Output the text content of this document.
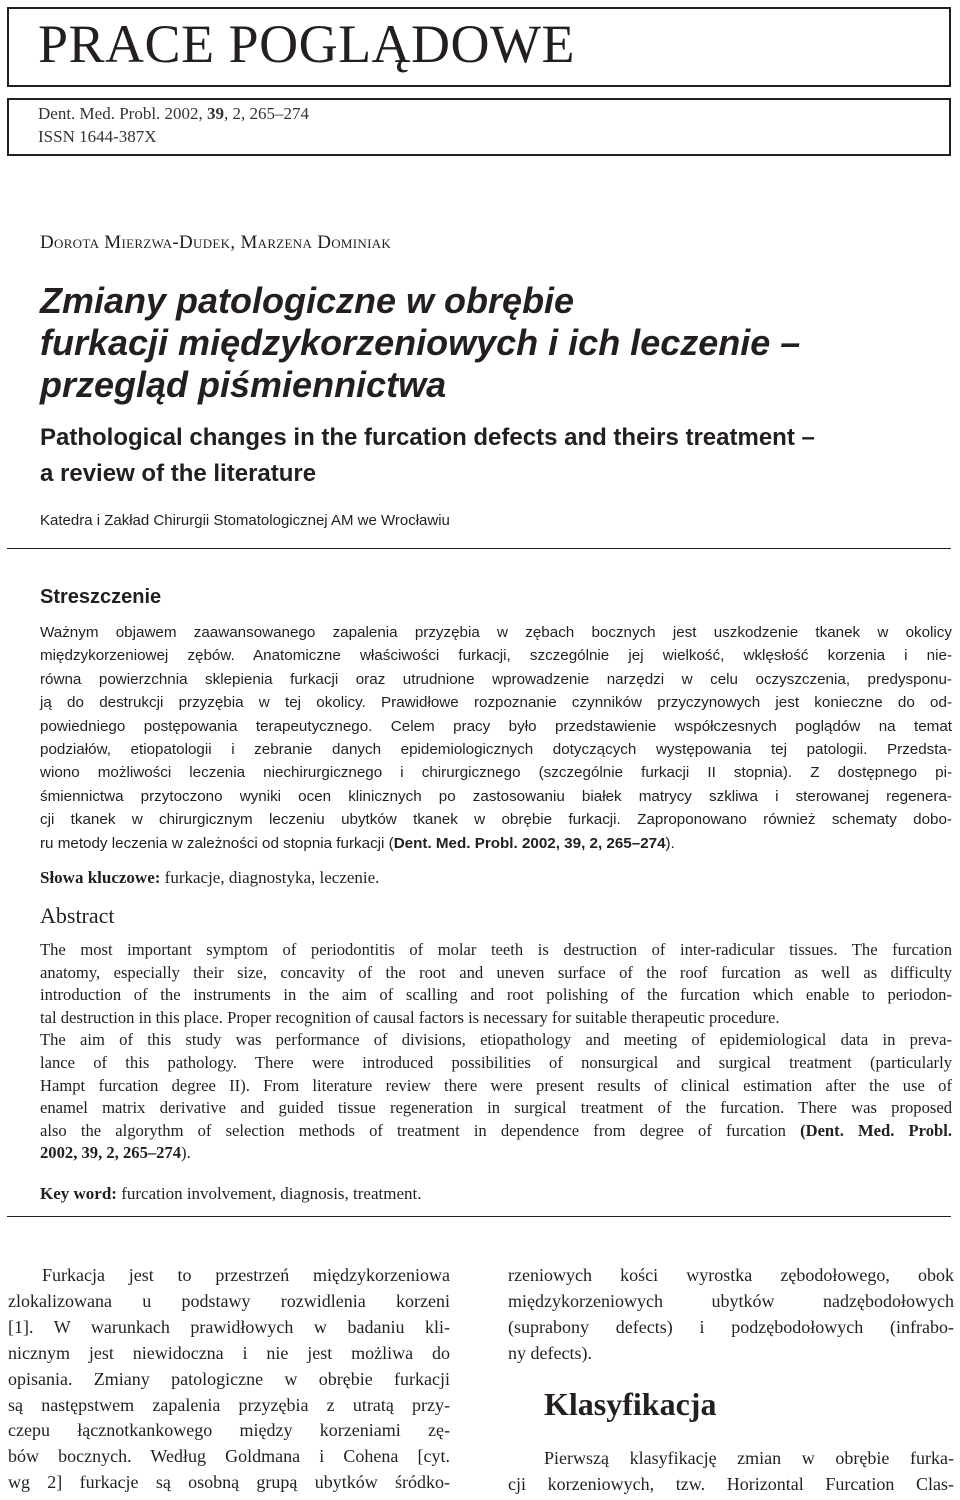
PRACE POGLĄDOWE
Dent. Med. Probl. 2002, 39, 2, 265–274
ISSN 1644-387X
Dorota Mierzwa-Dudek, Marzena Dominiak
Zmiany patologiczne w obrębie
furkacji międzykorzeniowych i ich leczenie –
przegląd piśmiennictwa
Pathological changes in the furcation defects and theirs treatment –
a review of the literature
Katedra i Zakład Chirurgii Stomatologicznej AM we Wrocławiu
Streszczenie
Ważnym objawem zaawansowanego zapalenia przyzębia w zębach bocznych jest uszkodzenie tkanek w okolicy
międzykorzeniowej zębów. Anatomiczne właściwości furkacji, szczególnie jej wielkość, wklęsłość korzenia i nie-
równa powierzchnia sklepienia furkacji oraz utrudnione wprowadzenie narzędzi w celu oczyszczenia, predysponu-
ją do destrukcji przyzębia w tej okolicy. Prawidłowe rozpoznanie czynników przyczynowych jest konieczne do od-
powiedniego postępowania terapeutycznego. Celem pracy było przedstawienie współczesnych poglądów na temat
podziałów, etiopatologii i zebranie danych epidemiologicznych dotyczących występowania tej patologii. Przedsta-
wiono możliwości leczenia niechirurgicznego i chirurgicznego (szczególnie furkacji II stopnia). Z dostępnego pi-
śmiennictwa przytoczono wyniki ocen klinicznych po zastosowaniu białek matrycy szkliwa i sterowanej regenera-
cji tkanek w chirurgicznym leczeniu ubytków tkanek w obrębie furkacji. Zaproponowano również schematy dobo-
ru metody leczenia w zależności od stopnia furkacji (Dent. Med. Probl. 2002, 39, 2, 265–274).
Słowa kluczowe: furkacje, diagnostyka, leczenie.
Abstract
The most important symptom of periodontitis of molar teeth is destruction of inter-radicular tissues. The furcation
anatomy, especially their size, concavity of the root and uneven surface of the roof furcation as well as difficulty
introduction of the instruments in the aim of scalling and root polishing of the furcation which enable to periodon-
tal destruction in this place. Proper recognition of causal factors is necessary for suitable therapeutic procedure.
The aim of this study was performance of divisions, etiopathology and meeting of epidemiological data in preva-
lance of this pathology. There were introduced possibilities of nonsurgical and surgical treatment (particularly
Hampt furcation degree II). From literature review there were present results of clinical estimation after the use of
enamel matrix derivative and guided tissue regeneration in surgical treatment of the furcation. There was proposed
also the algorythm of selection methods of treatment in dependence from degree of furcation (Dent. Med. Probl.
2002, 39, 2, 265–274).
Key word: furcation involvement, diagnosis, treatment.
Furkacja jest to przestrzeń międzykorzeniowa
zlokalizowana u podstawy rozwidlenia korzeni
[1]. W warunkach prawidłowych w badaniu kli-
nicznym jest niewidoczna i nie jest możliwa do
opisania. Zmiany patologiczne w obrębie furkacji
są następstwem zapalenia przyzębia z utratą przy-
czepu łącznotkankowego między korzeniami zę-
bów bocznych. Według Goldmana i Cohena [cyt.
wg 2] furkacje są osobną grupą ubytków śródko-
rzeniowych kości wyrostka zębodołowego, obok
międzykorzeniowych ubytków nadzębodołowych
(suprabony defects) i podzębodołowych (infrabo-
ny defects).
Klasyfikacja
Pierwszą klasyfikację zmian w obrębie furka-
cji korzeniowych, tzw. Horizontal Furcation Clas-
